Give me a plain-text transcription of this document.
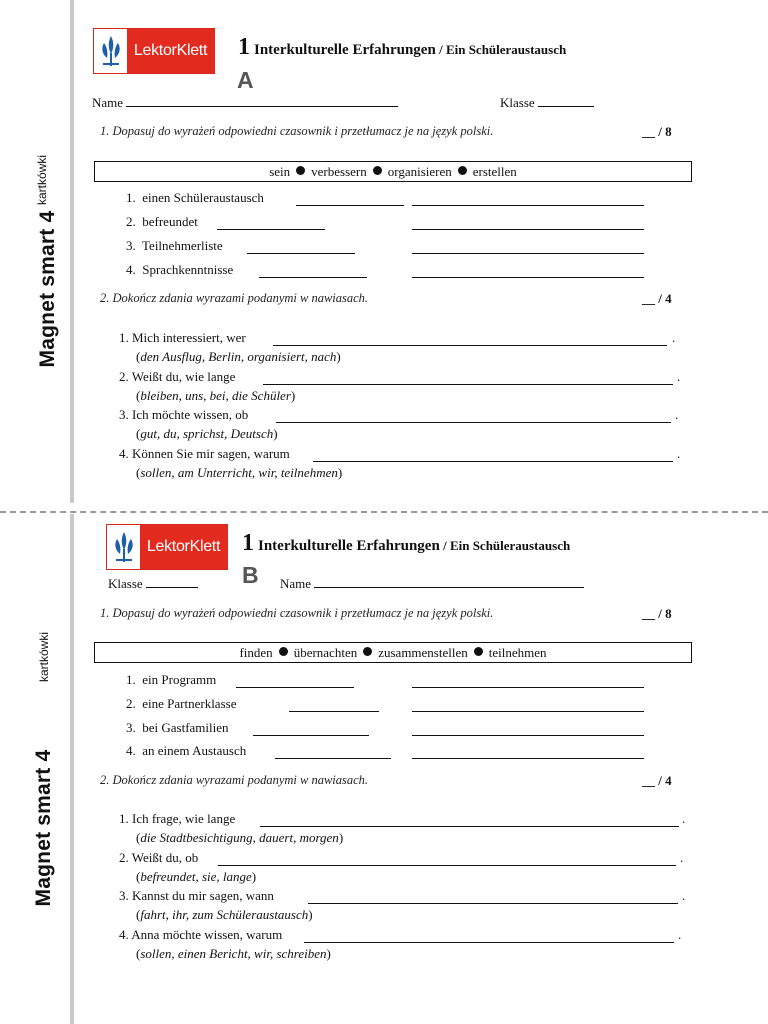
Magnet smart 4
kartkówki
LektorKlett 1 Interkulturelle Erfahrungen / Ein Schüleraustausch
A
Name	Klasse
1. Dopasuj do wyrażeń odpowiedni czasownik i przetłumacz je na język polski.	__ / 8
sein verbessern organisieren erstellen
1. einen Schüleraustausch
2. befreundet
3. Teilnehmerliste
4. Sprachkenntnisse
2. Dokończ zdania wyrazami podanymi w nawiasach.	__ / 4
1. Mich interessiert, wer	.
(den Ausflug, Berlin, organisiert, nach)
2. Weißt du, wie lange	.
(bleiben, uns, bei, die Schüler)
3. Ich möchte wissen, ob	.
(gut, du, sprichst, Deutsch)
4. Können Sie mir sagen, warum	.
(sollen, am Unterricht, wir, teilnehmen)
Magnet smart 4
kartkówki
LektorKlett 1 Interkulturelle Erfahrungen / Ein Schüleraustausch
B
Klasse	Name
1. Dopasuj do wyrażeń odpowiedni czasownik i przetłumacz je na język polski.	__ / 8
finden übernachten zusammenstellen teilnehmen
1. ein Programm
2. eine Partnerklasse
3. bei Gastfamilien
4. an einem Austausch
2. Dokończ zdania wyrazami podanymi w nawiasach.	__ / 4
1. Ich frage, wie lange	.
(die Stadtbesichtigung, dauert, morgen)
2. Weißt du, ob	.
(befreundet, sie, lange)
3. Kannst du mir sagen, wann	.
(fahrt, ihr, zum Schüleraustausch)
4. Anna möchte wissen, warum	.
(sollen, einen Bericht, wir, schreiben)
